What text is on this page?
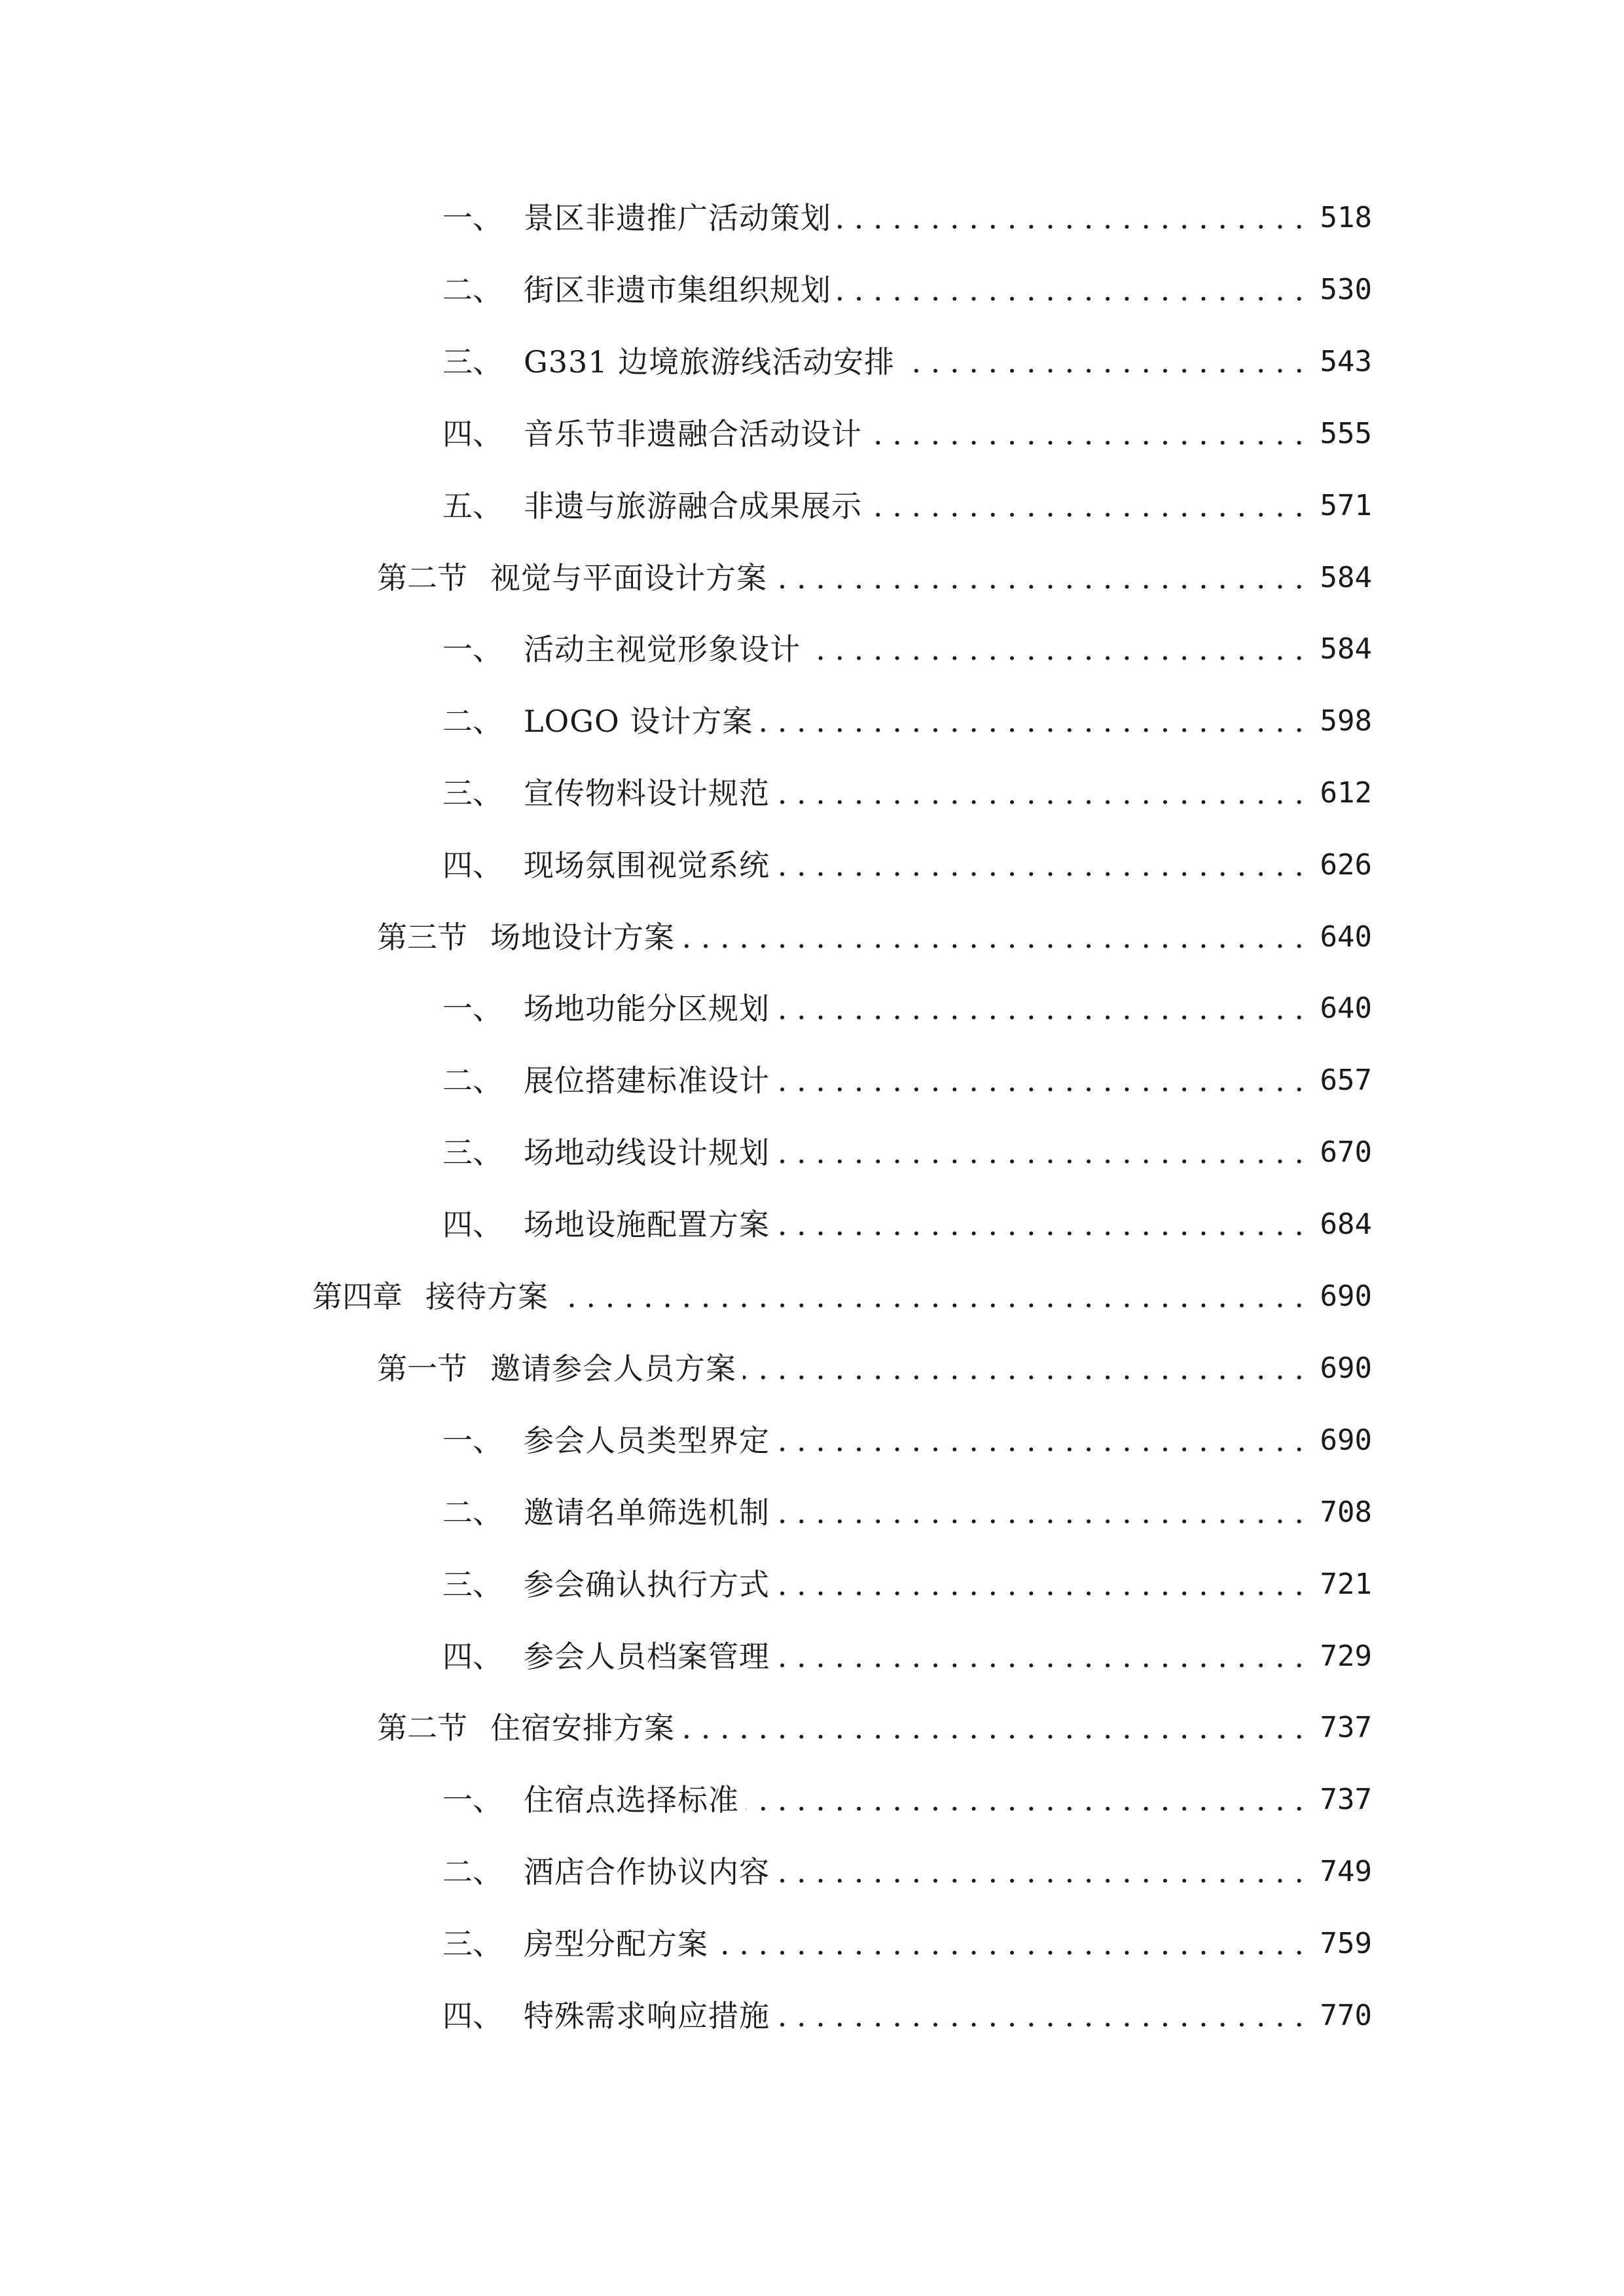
一、 景区非遗推广活动策划 . . .	518
二、 街区非遗市集组织规划 . . .	530
三、 G331 边境旅游线活动安排 . . .	543
四、 音乐节非遗融合活动设计 . . .	555
五、 非遗与旅游融合成果展示 . . .	571
第二节 视觉与平面设计方案 . . .	584
一、 活动主视觉形象设计 . . .	584
二、 LOGO 设计方案 . . .	598
三、 宣传物料设计规范 . . .	612
四、 现场氛围视觉系统 . . .	626
第三节 场地设计方案 . . .	640
一、 场地功能分区规划 . . .	640
二、 展位搭建标准设计 . . .	657
三、 场地动线设计规划 . . .	670
四、 场地设施配置方案 . . .	684
第四章 接待方案 . . .	690
第一节 邀请参会人员方案 . . .	690
一、 参会人员类型界定 . . .	690
二、 邀请名单筛选机制 . . .	708
三、 参会确认执行方式 . . .	721
四、 参会人员档案管理 . . .	729
第二节 住宿安排方案 . . .	737
一、 住宿点选择标准 . . .	737
二、 酒店合作协议内容 . . .	749
三、 房型分配方案 . . .	759
四、 特殊需求响应措施 . . .	770
